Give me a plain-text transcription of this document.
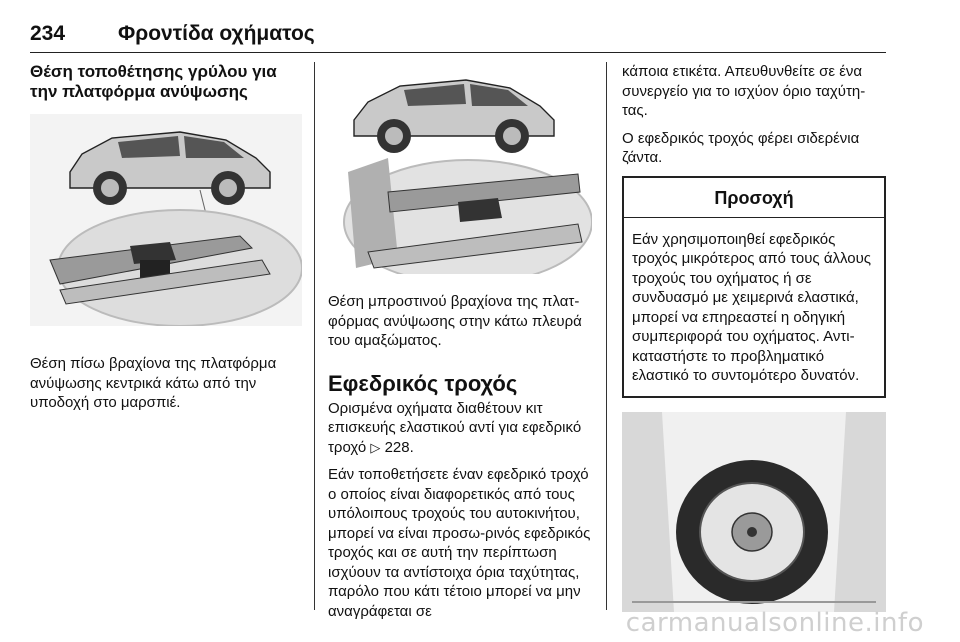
234	Φροντίδα οχήματος

Θέση τοποθέτησης γρύλου για την πλατφόρμα ανύψωσης

Θέση πίσω βραχίονα της πλατφόρμα ανύψωσης κεντρικά κάτω από την υποδοχή στο μαρσπιέ.

Θέση μπροστινού βραχίονα της πλατ-φόρμας ανύψωσης στην κάτω πλευρά του αμαξώματος.

Εφεδρικός τροχός

Ορισμένα οχήματα διαθέτουν κιτ επισκευής ελαστικού αντί για εφεδρικό τροχό ▷ 228.

Εάν τοποθετήσετε έναν εφεδρικό τροχό ο οποίος είναι διαφορετικός από τους υπόλοιπους τροχούς του αυτοκινήτου, μπορεί να είναι προσω-ρινός εφεδρικός τροχός και σε αυτή την περίπτωση ισχύουν τα αντίστοιχα όρια ταχύτητας, παρόλο που κάτι τέτοιο μπορεί να μην αναγράφεται σε

κάποια ετικέτα. Απευθυνθείτε σε ένα συνεργείο για το ισχύον όριο ταχύτη-τας.

Ο εφεδρικός τροχός φέρει σιδερένια ζάντα.

Προσοχή
Εάν χρησιμοποιηθεί εφεδρικός τροχός μικρότερος από τους άλλους τροχούς του οχήματος ή σε συνδυασμό με χειμερινά ελαστικά, μπορεί να επηρεαστεί η οδηγική συμπεριφορά του οχήματος. Αντι-καταστήστε το προβληματικό ελαστικό το συντομότερο δυνατόν.
carmanualsonline.info
